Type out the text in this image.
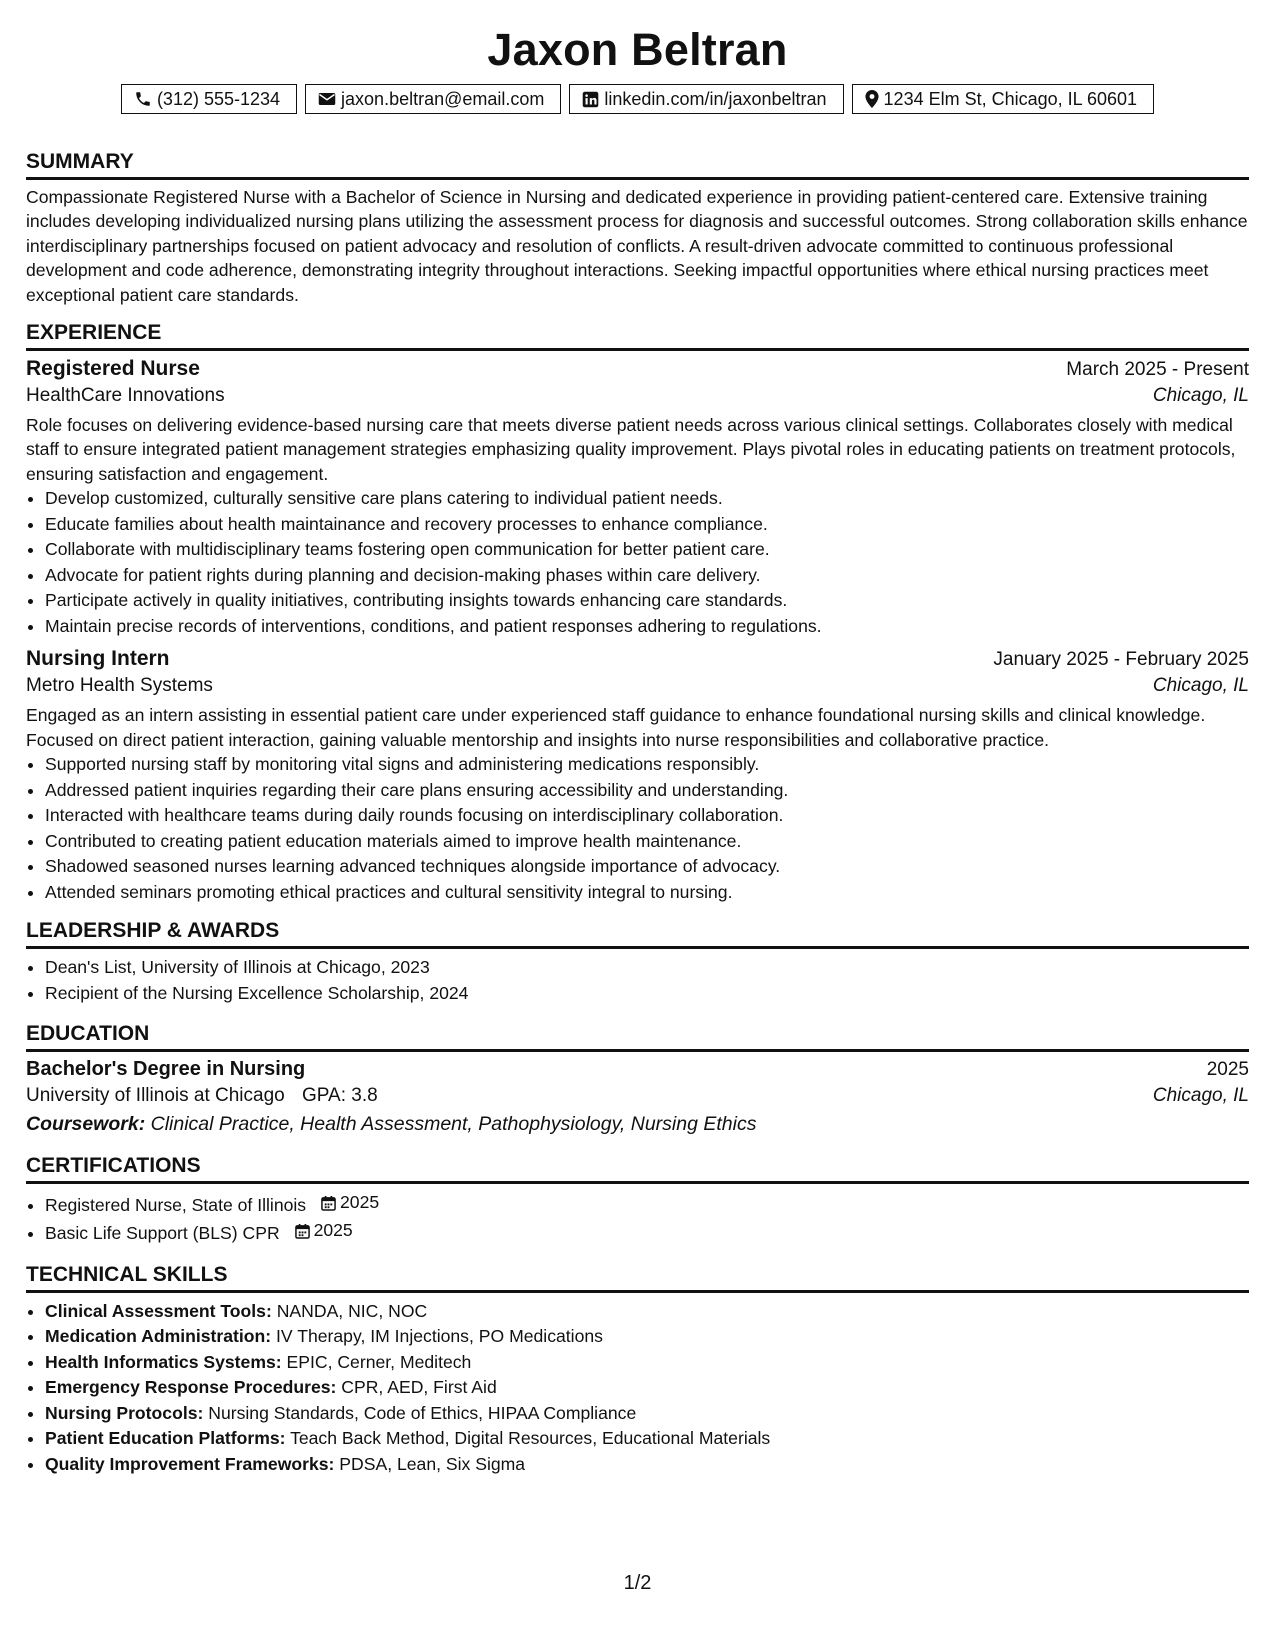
Jaxon Beltran
(312) 555-1234	jaxon.beltran@email.com	linkedin.com/in/jaxonbeltran	1234 Elm St, Chicago, IL 60601
SUMMARY

Compassionate Registered Nurse with a Bachelor of Science in Nursing and dedicated experience in providing patient-centered care. Extensive training includes developing individualized nursing plans utilizing the assessment process for diagnosis and successful outcomes. Strong collaboration skills enhance interdisciplinary partnerships focused on patient advocacy and resolution of conflicts. A result-driven advocate committed to continuous professional development and code adherence, demonstrating integrity throughout interactions. Seeking impactful opportunities where ethical nursing practices meet exceptional patient care standards.

EXPERIENCE
Registered Nurse	March 2025 - Present
HealthCare Innovations	Chicago, IL

Role focuses on delivering evidence-based nursing care that meets diverse patient needs across various clinical settings. Collaborates closely with medical staff to ensure integrated patient management strategies emphasizing quality improvement. Plays pivotal roles in educating patients on treatment protocols, ensuring satisfaction and engagement.

• Develop customized, culturally sensitive care plans catering to individual patient needs.
• Educate families about health maintainance and recovery processes to enhance compliance.
• Collaborate with multidisciplinary teams fostering open communication for better patient care.
• Advocate for patient rights during planning and decision-making phases within care delivery.
• Participate actively in quality initiatives, contributing insights towards enhancing care standards.
• Maintain precise records of interventions, conditions, and patient responses adhering to regulations.
Nursing Intern	January 2025 - February 2025
Metro Health Systems	Chicago, IL

Engaged as an intern assisting in essential patient care under experienced staff guidance to enhance foundational nursing skills and clinical knowledge. Focused on direct patient interaction, gaining valuable mentorship and insights into nurse responsibilities and collaborative practice.

• Supported nursing staff by monitoring vital signs and administering medications responsibly.
• Addressed patient inquiries regarding their care plans ensuring accessibility and understanding.
• Interacted with healthcare teams during daily rounds focusing on interdisciplinary collaboration.
• Contributed to creating patient education materials aimed to improve health maintenance.
• Shadowed seasoned nurses learning advanced techniques alongside importance of advocacy.
• Attended seminars promoting ethical practices and cultural sensitivity integral to nursing.
LEADERSHIP & AWARDS
• Dean's List, University of Illinois at Chicago, 2023
• Recipient of the Nursing Excellence Scholarship, 2024
EDUCATION
Bachelor's Degree in Nursing	2025
University of Illinois at Chicago GPA: 3.8	Chicago, IL
Coursework: Clinical Practice, Health Assessment, Pathophysiology, Nursing Ethics
CERTIFICATIONS
• Registered Nurse, State of Illinois 2025
• Basic Life Support (BLS) CPR 2025
TECHNICAL SKILLS
• Clinical Assessment Tools: NANDA, NIC, NOC
• Medication Administration: IV Therapy, IM Injections, PO Medications
• Health Informatics Systems: EPIC, Cerner, Meditech
• Emergency Response Procedures: CPR, AED, First Aid
• Nursing Protocols: Nursing Standards, Code of Ethics, HIPAA Compliance
• Patient Education Platforms: Teach Back Method, Digital Resources, Educational Materials
• Quality Improvement Frameworks: PDSA, Lean, Six Sigma
1/2
